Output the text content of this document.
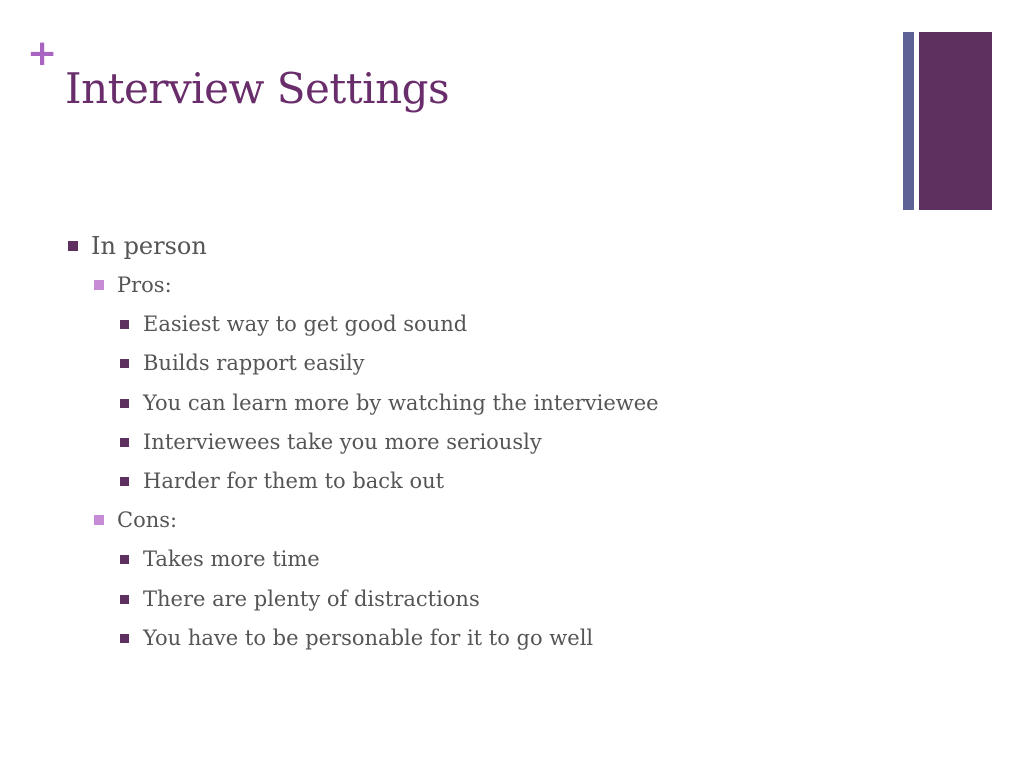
+
Interview Settings
In person
Pros:
Easiest way to get good sound
Builds rapport easily
You can learn more by watching the interviewee
Interviewees take you more seriously
Harder for them to back out
Cons:
Takes more time
There are plenty of distractions
You have to be personable for it to go well
